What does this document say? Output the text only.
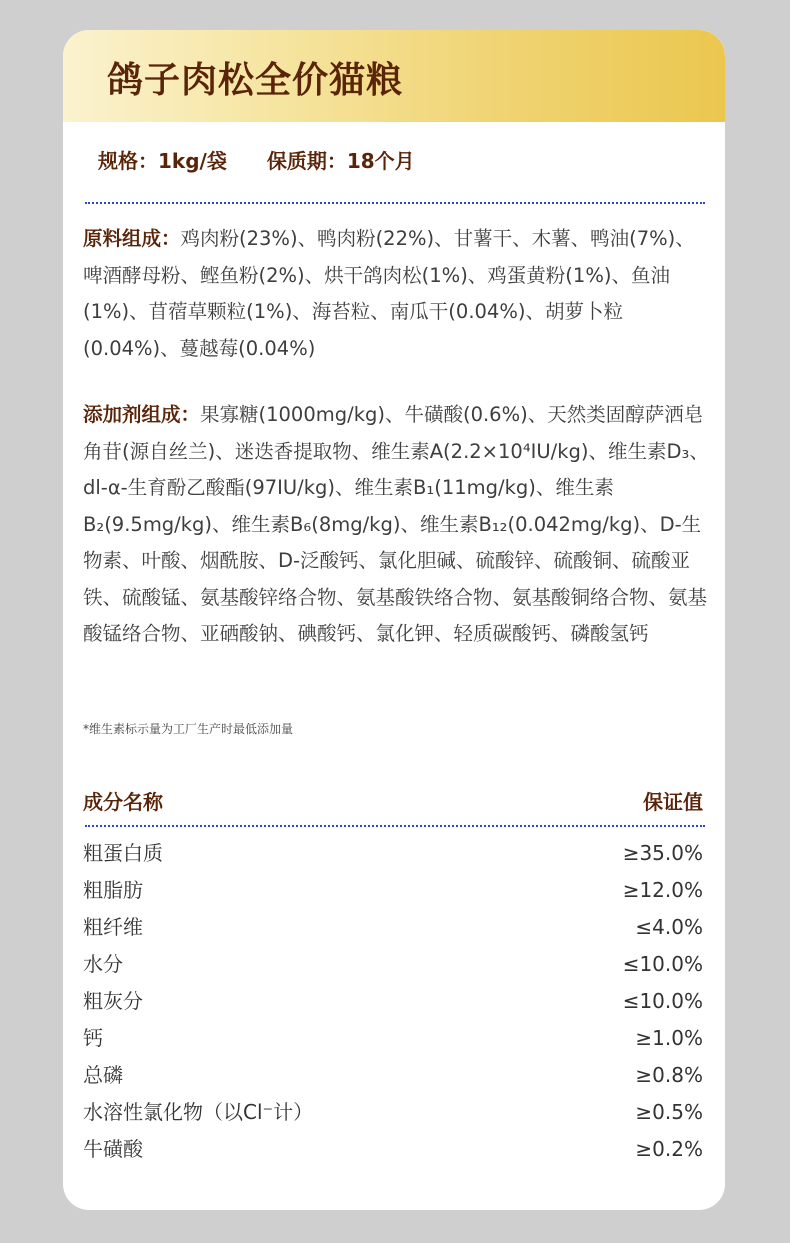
鸽子肉松全价猫粮
规格：1kg/袋 保质期：18个月

原料组成：鸡肉粉(23%)、鸭肉粉(22%)、甘薯干、木薯、鸭油(7%)、啤酒酵母粉、鲣鱼粉(2%)、烘干鸽肉松(1%)、鸡蛋黄粉(1%)、鱼油(1%)、苜蓿草颗粒(1%)、海苔粒、南瓜干(0.04%)、胡萝卜粒(0.04%)、蔓越莓(0.04%)

添加剂组成：果寡糖(1000mg/kg)、牛磺酸(0.6%)、天然类固醇萨洒皂角苷(源自丝兰)、迷迭香提取物、维生素A(2.2×10⁴IU/kg)、维生素D₃、dl-α-生育酚乙酸酯(97IU/kg)、维生素B₁(11mg/kg)、维生素B₂(9.5mg/kg)、维生素B₆(8mg/kg)、维生素B₁₂(0.042mg/kg)、D-生物素、叶酸、烟酰胺、D-泛酸钙、氯化胆碱、硫酸锌、硫酸铜、硫酸亚铁、硫酸锰、氨基酸锌络合物、氨基酸铁络合物、氨基酸铜络合物、氨基酸锰络合物、亚硒酸钠、碘酸钙、氯化钾、轻质碳酸钙、磷酸氢钙

*维生素标示量为工厂生产时最低添加量
成分名称	保证值
粗蛋白质	≥35.0%
粗脂肪	≥12.0%
粗纤维	≤4.0%
水分	≤10.0%
粗灰分	≤10.0%
钙	≥1.0%
总磷	≥0.8%
水溶性氯化物（以Cl⁻计）	≥0.5%
牛磺酸	≥0.2%
